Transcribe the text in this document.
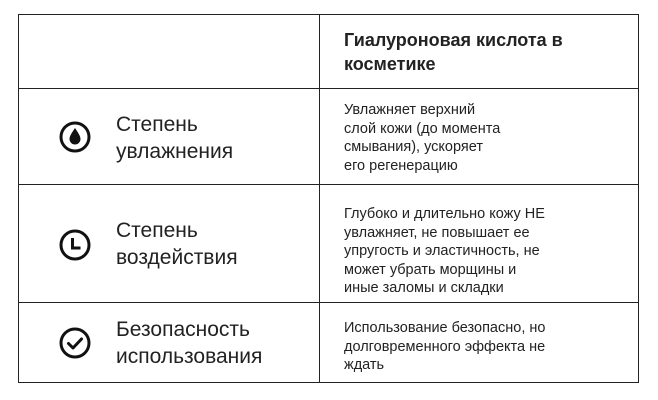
Гиалуроновая кислота в косметике
Степень увлажнения
Увлажняет верхний
слой кожи (до момента
смывания), ускоряет
его регенерацию
Степень воздействия
Глубоко и длительно кожу НЕ
увлажняет, не повышает ее
упругость и эластичность, не
может убрать морщины и
иные заломы и складки
Безопасность использования
Использование безопасно, но
долговременного эффекта не
ждать
